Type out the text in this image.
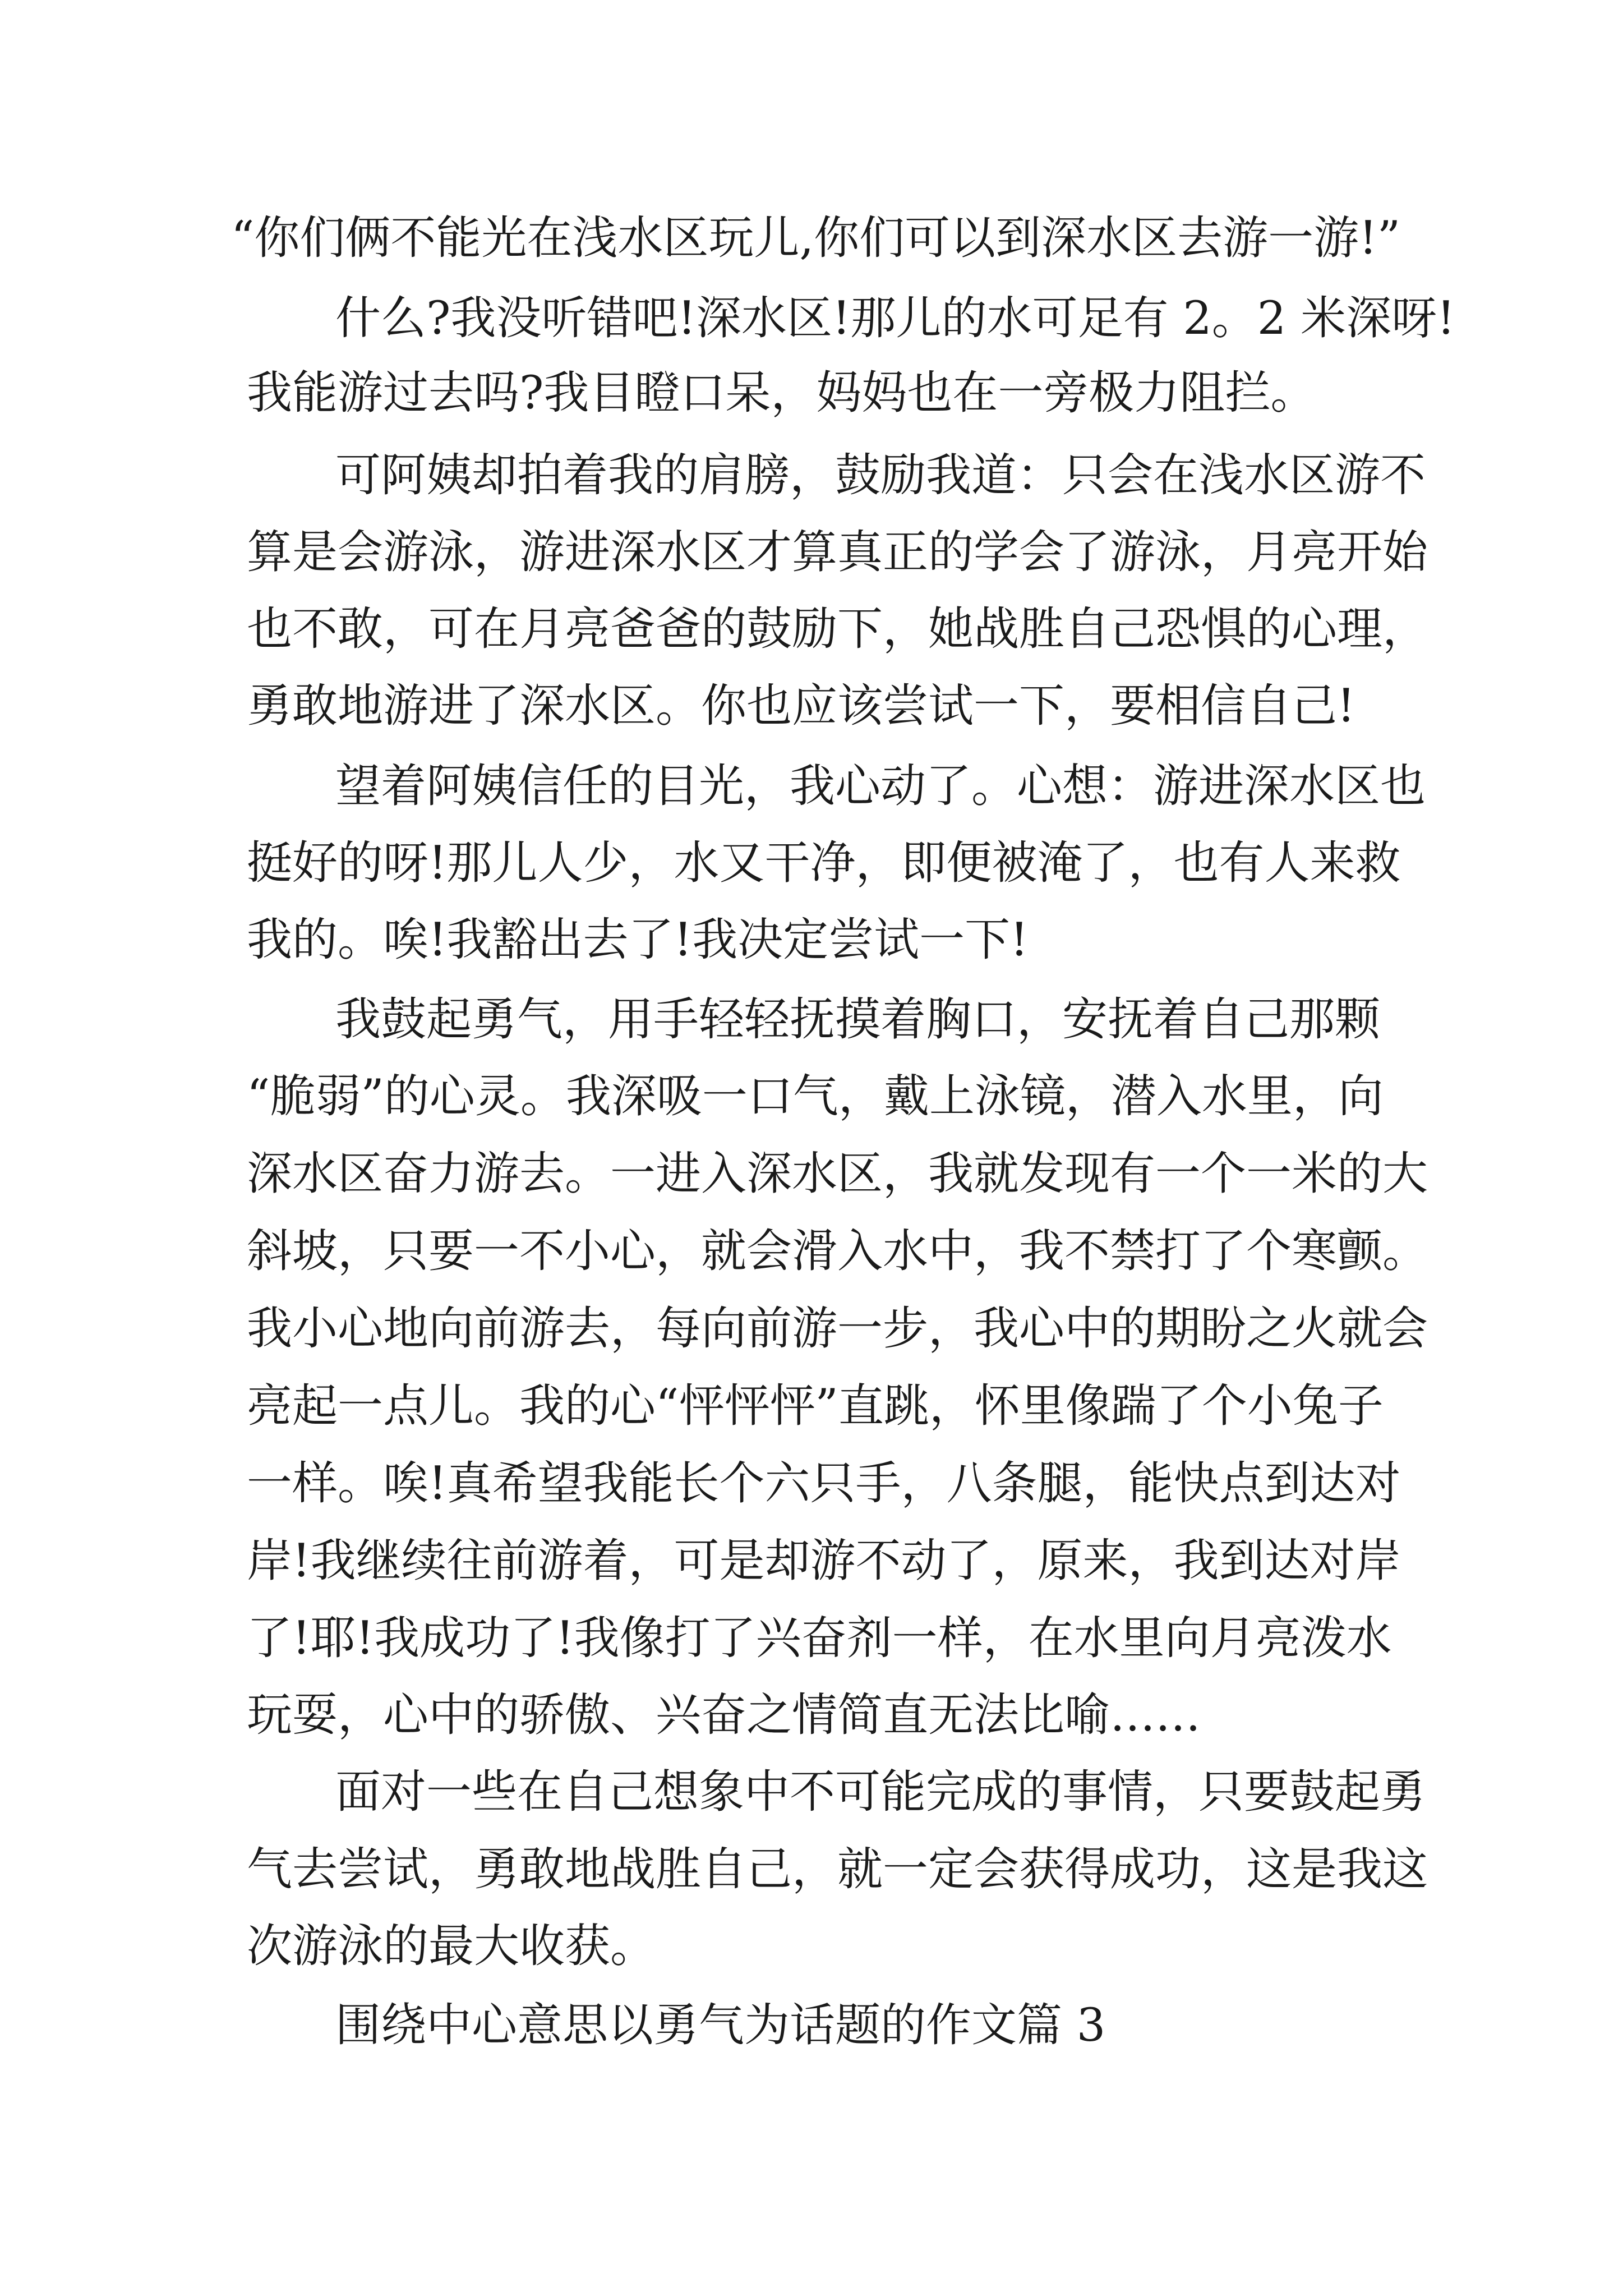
“你们俩不能光在浅水区玩儿,你们可以到深水区去游一游!”

什么?我没听错吧!深水区!那儿的水可足有 2。2 米深呀!

我能游过去吗?我目瞪口呆，妈妈也在一旁极力阻拦。

可阿姨却拍着我的肩膀，鼓励我道：只会在浅水区游不

算是会游泳，游进深水区才算真正的学会了游泳，月亮开始

也不敢，可在月亮爸爸的鼓励下，她战胜自己恐惧的心理，

勇敢地游进了深水区。你也应该尝试一下，要相信自己!

望着阿姨信任的目光，我心动了。心想：游进深水区也

挺好的呀!那儿人少，水又干净，即便被淹了，也有人来救

我的。唉!我豁出去了!我决定尝试一下!

我鼓起勇气，用手轻轻抚摸着胸口，安抚着自己那颗

“脆弱”的心灵。我深吸一口气，戴上泳镜，潜入水里，向

深水区奋力游去。一进入深水区，我就发现有一个一米的大

斜坡，只要一不小心，就会滑入水中，我不禁打了个寒颤。

我小心地向前游去，每向前游一步，我心中的期盼之火就会

亮起一点儿。我的心“怦怦怦”直跳，怀里像踹了个小兔子

一样。唉!真希望我能长个六只手，八条腿，能快点到达对

岸!我继续往前游着，可是却游不动了，原来，我到达对岸

了!耶!我成功了!我像打了兴奋剂一样，在水里向月亮泼水

玩耍，心中的骄傲、兴奋之情简直无法比喻……

面对一些在自己想象中不可能完成的事情，只要鼓起勇

气去尝试，勇敢地战胜自己，就一定会获得成功，这是我这

次游泳的最大收获。

围绕中心意思以勇气为话题的作文篇 3
